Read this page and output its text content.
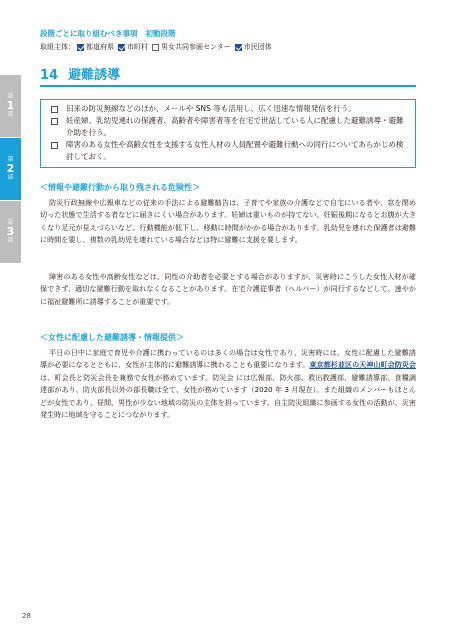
第
1
部
第
2
部
第
3
部
段階ごとに取り組むべき事項 初動段階
取組主体： 都道府県 市町村 男女共同参画センター 市民団体
14 避難誘導
旧来の防災無線などのほか、メールや SNS 等も活用し、広く迅速な情報発信を行う。
妊産婦、乳幼児連れの保護者、高齢者や障害者等を在宅で世話している人に配慮した避難誘導・避難介助を行う。
障害のある女性や高齢女性を支援する女性人材の人員配置や避難行動への同行についてあらかじめ検討しておく。
＜情報や避難行動から取り残される危険性＞

防災行政無線や広報車などの従来の手法による避難勧告は、子育てや家族の介護などで自宅にいる者や、窓を閉め切った状態で生活する者などに届きにくい場合があります。妊婦は重いものが持てない、妊娠後期になるとお腹が大きくなり足元が見えづらいなど、行動機能が低下し、移動に時間がかかる場合があります。乳幼児を連れた保護者は避難に時間を要し、複数の乳幼児を連れている場合などは特に避難に支援を要します。

障害のある女性や高齢女性などは、同性の介助者を必要とする場合がありますが、災害時にこうした女性人材が確保できず、適切な避難行動を取れなくなることがあります。在宅介護従事者（ヘルパー）が同行するなどして、速やかに福祉避難所に誘導することが重要です。

＜女性に配慮した避難誘導・情報提供＞

平日の日中に家庭で育児や介護に携わっているのは多くの場合は女性であり、災害時には、女性に配慮した避難誘導が必要になるとともに、女性が主体的に避難誘導に携わることも重要になります。東京都杉並区の天神山町会防災会は、町会長と防災会長を兼務で女性が務めています。防災会 には広報部、防火部、救出救護部、避難誘導部、食糧調達部があり、防火部長以外の部長職は全て、女性が務めています（2020 年 3 月現在）。また組織のメンバーもほとんどが女性であり、昼間、男性が少ない地域の防災の主体を担っています。自主防災組織に参画する女性の活動が、災害発生時に地域を守ることにつながります。

28
